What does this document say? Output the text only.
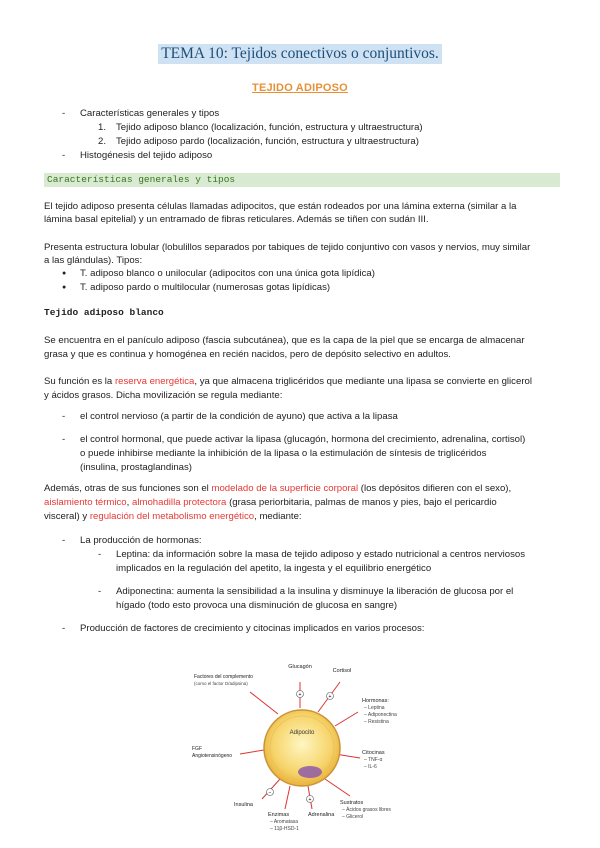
TEMA 10: Tejidos conectivos o conjuntivos.
TEJIDO ADIPOSO
- Características generales y tipos
1. Tejido adiposo blanco (localización, función, estructura y ultraestructura)
2. Tejido adiposo pardo (localización, función, estructura y ultraestructura)
- Histogénesis del tejido adiposo
Características generales y tipos
El tejido adiposo presenta células llamadas adipocitos, que están rodeados por una lámina externa (similar a la
lámina basal epitelial) y un entramado de fibras reticulares. Además se tiñen con sudán III.
Presenta estructura lobular (lobulillos separados por tabiques de tejido conjuntivo con vasos y nervios, muy similar
a las glándulas). Tipos:
● T. adiposo blanco o unilocular (adipocitos con una única gota lipídica)
● T. adiposo pardo o multilocular (numerosas gotas lipídicas)
Tejido adiposo blanco
Se encuentra en el panículo adiposo (fascia subcutánea), que es la capa de la piel que se encarga de almacenar
grasa y que es continua y homogénea en recién nacidos, pero de depósito selectivo en adultos.
Su función es la reserva energética, ya que almacena triglicéridos que mediante una lipasa se convierte en glicerol
y ácidos grasos. Dicha movilización se regula mediante:
- el control nervioso (a partir de la condición de ayuno) que activa a la lipasa
- el control hormonal, que puede activar la lipasa (glucagón, hormona del crecimiento, adrenalina, cortisol)
o puede inhibirse mediante la inhibición de la lipasa o la estimulación de síntesis de triglicéridos
(insulina, prostaglandinas)
Además, otras de sus funciones son el modelado de la superficie corporal (los depósitos difieren con el sexo),
aislamiento térmico, almohadilla protectora (grasa periorbitaria, palmas de manos y pies, bajo el pericardio
visceral) y regulación del metabolismo energético, mediante:
- La producción de hormonas:
- Leptina: da información sobre la masa de tejido adiposo y estado nutricional a centros nerviosos
implicados en la regulación del apetito, la ingesta y el equilibrio energético
- Adiponectina: aumenta la sensibilidad a la insulina y disminuye la liberación de glucosa por el
hígado (todo esto provoca una disminución de glucosa en sangre)
- Producción de factores de crecimiento y citocinas implicados en varios procesos:
Adipocito
Glucagón
Cortisol
Factores del complemento
(como el factor D/adipsina)
Hormonas:
– Leptina
– Adiponectina
– Resistina
FGF
Angiotensinógeno	Citocinas
– TNF-α
– IL-6
Insulina	Sustratos
– Ácidos grasos libres
– Glicerol
Enzimas
– Aromatasa
– 11β-HSD-1
Adrenalina
+	+
−
+
